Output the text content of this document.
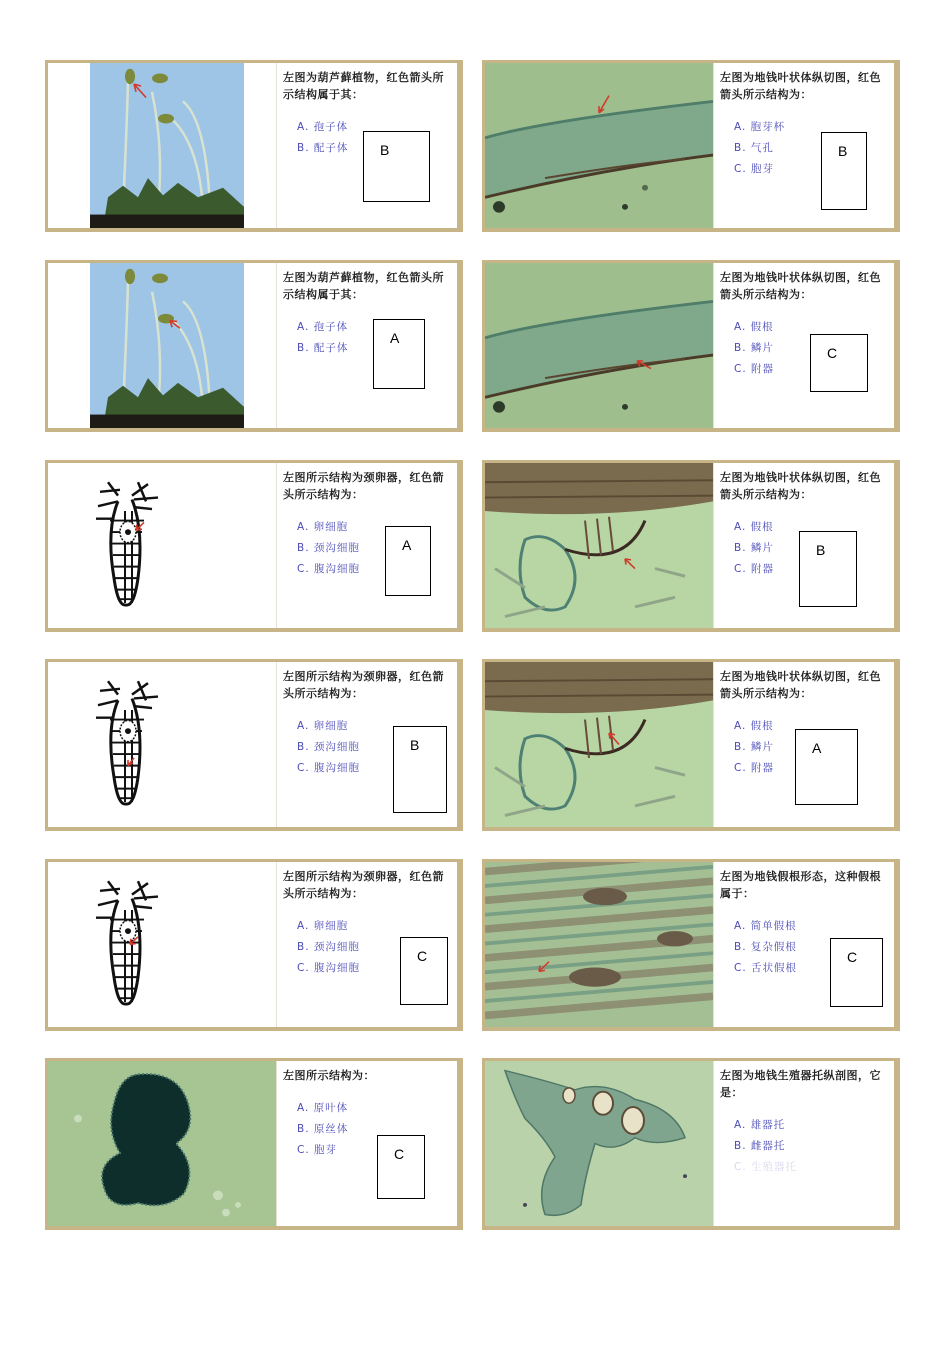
左图为葫芦藓植物，红色箭头所示结构属于其：

A. 孢子体
B. 配子体	B

左图为葫芦藓植物，红色箭头所示结构属于其：

A. 孢子体
B. 配子体
A

左图所示结构为颈卵器，红色箭头所示结构为：

A. 卵细胞
B. 颈沟细胞
C. 腹沟细胞
A

左图所示结构为颈卵器，红色箭头所示结构为：

A. 卵细胞
B. 颈沟细胞
C. 腹沟细胞
B

左图所示结构为颈卵器，红色箭头所示结构为：

A. 卵细胞
B. 颈沟细胞
C. 腹沟细胞
C

左图所示结构为：

A. 原叶体
B. 原丝体
C. 胞芽	C

左图为地钱叶状体纵切图，红色箭头所示结构为：

A. 胞芽杯
B. 气孔
C. 胞芽
B

左图为地钱叶状体纵切图，红色箭头所示结构为：

A. 假根
B. 鳞片
C. 附器
C

左图为地钱叶状体纵切图，红色箭头所示结构为：

A. 假根
B. 鳞片
C. 附器
B

左图为地钱叶状体纵切图，红色箭头所示结构为：

A. 假根
B. 鳞片
C. 附器
A

左图为地钱假根形态，这种假根属于：

A. 简单假根
B. 复杂假根
C. 舌状假根
C

左图为地钱生殖器托纵剖图，它是：

A. 雄器托
B. 雌器托
C. 生殖器托
